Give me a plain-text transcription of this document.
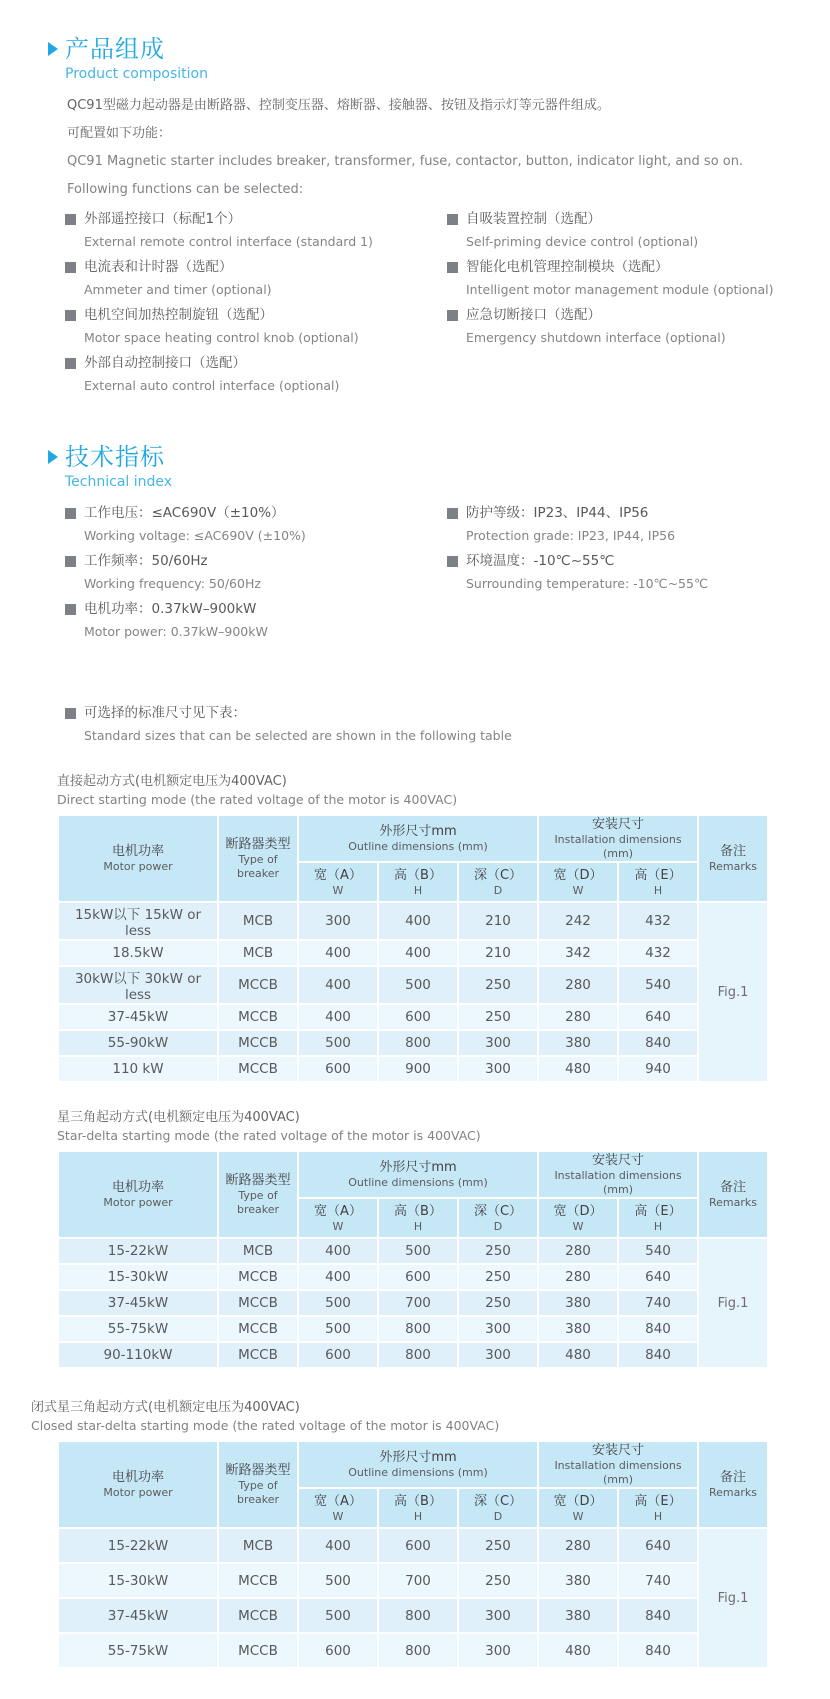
产品组成
Product composition

QC91型磁力起动器是由断路器、控制变压器、熔断器、接触器、按钮及指示灯等元器件组成。

可配置如下功能：

QC91 Magnetic starter includes breaker, transformer, fuse, contactor, button, indicator light, and so on.

Following functions can be selected:

外部遥控接口（标配1个）
External remote control interface (standard 1)
电流表和计时器（选配）
Ammeter and timer (optional)
电机空间加热控制旋钮（选配）
Motor space heating control knob (optional)
外部自动控制接口（选配）
External auto control interface (optional)
自吸装置控制（选配）
Self-priming device control (optional)
智能化电机管理控制模块（选配）
Intelligent motor management module (optional)
应急切断接口（选配）
Emergency shutdown interface (optional)
技术指标
Technical index
工作电压：≤AC690V（±10%）
Working voltage: ≤AC690V (±10%)
工作频率：50/60Hz
Working frequency: 50/60Hz
电机功率：0.37kW–900kW
Motor power: 0.37kW–900kW
防护等级：IP23、IP44、IP56
Protection grade: IP23, IP44, IP56
环境温度：-10℃~55℃
Surrounding temperature: -10℃~55℃
可选择的标准尺寸见下表：
Standard sizes that can be selected are shown in the following table
直接起动方式(电机额定电压为400VAC)
Direct starting mode (the rated voltage of the motor is 400VAC)
电机功率
Motor power	断路器类型
Type of breaker	外形尺寸mm
Outline dimensions (mm)			安装尺寸
Installation dimensions (mm)		备注
Remarks

		宽（A）
W	高（B）
H	深（C）
D	宽（D）
W	高（E）
H	

15kW以下 15kW or less	MCB	300	400	210	242	432	Fig.1
18.5kW	MCB	400	400	210	342	432	
30kW以下 30kW or less	MCCB	400	500	250	280	540	
37-45kW	MCCB	400	600	250	280	640	
55-90kW	MCCB	500	800	300	380	840	
110 kW	MCCB	600	900	300	480	940	
星三角起动方式(电机额定电压为400VAC)
Star-delta starting mode (the rated voltage of the motor is 400VAC)
电机功率
Motor power	断路器类型
Type of breaker	外形尺寸mm
Outline dimensions (mm)			安装尺寸
Installation dimensions (mm)		备注
Remarks

		宽（A）
W	高（B）
H	深（C）
D	宽（D）
W	高（E）
H	

15-22kW	MCB	400	500	250	280	540	Fig.1
15-30kW	MCCB	400	600	250	280	640	
37-45kW	MCCB	500	700	250	380	740	
55-75kW	MCCB	500	800	300	380	840	
90-110kW	MCCB	600	800	300	480	840	
闭式星三角起动方式(电机额定电压为400VAC)
Closed star-delta starting mode (the rated voltage of the motor is 400VAC)
电机功率
Motor power	断路器类型
Type of breaker	外形尺寸mm
Outline dimensions (mm)			安装尺寸
Installation dimensions (mm)		备注
Remarks

		宽（A）
W	高（B）
H	深（C）
D	宽（D）
W	高（E）
H	

15-22kW	MCB	400	600	250	280	640	Fig.1
15-30kW	MCCB	500	700	250	380	740	
37-45kW	MCCB	500	800	300	380	840	
55-75kW	MCCB	600	800	300	480	840	
